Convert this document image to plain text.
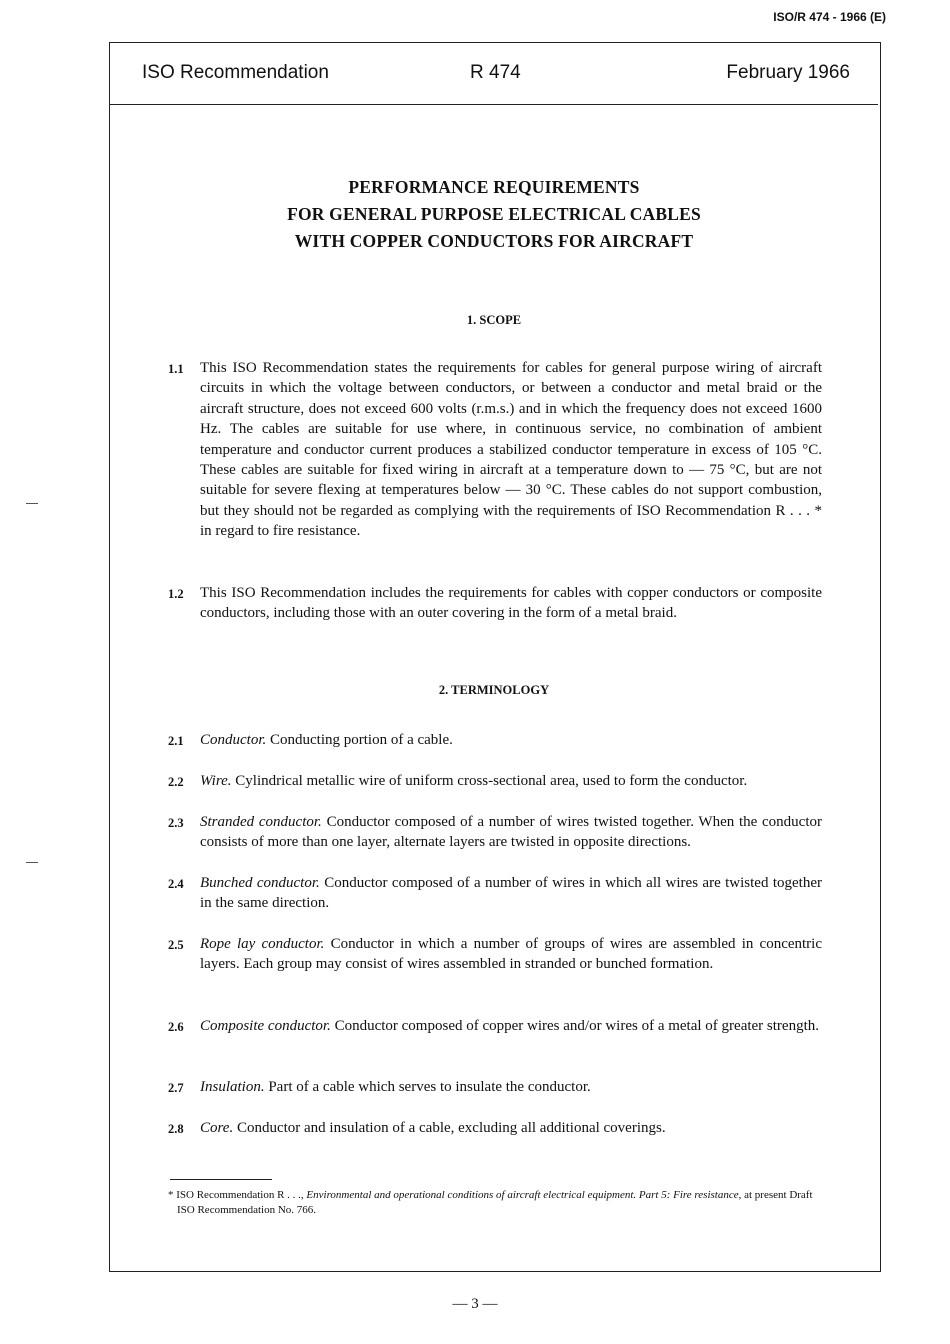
ISO/R 474 - 1966 (E)
ISO Recommendation	R 474	February 1966
PERFORMANCE REQUIREMENTS
FOR GENERAL PURPOSE ELECTRICAL CABLES
WITH COPPER CONDUCTORS FOR AIRCRAFT
1. SCOPE
1.1 This ISO Recommendation states the requirements for cables for general purpose wiring of aircraft circuits in which the voltage between conductors, or between a conductor and metal braid or the aircraft structure, does not exceed 600 volts (r.m.s.) and in which the frequency does not exceed 1600 Hz. The cables are suitable for use where, in continuous service, no combination of ambient temperature and conductor current produces a stabilized conductor temperature in excess of 105 °C. These cables are suitable for fixed wiring in aircraft at a temperature down to — 75 °C, but are not suitable for severe flexing at temperatures below — 30 °C. These cables do not support combustion, but they should not be regarded as complying with the requirements of ISO Recommendation R . . . * in regard to fire resistance.
1.2 This ISO Recommendation includes the requirements for cables with copper conductors or composite conductors, including those with an outer covering in the form of a metal braid.
2. TERMINOLOGY
2.1 Conductor. Conducting portion of a cable.
2.2 Wire. Cylindrical metallic wire of uniform cross-sectional area, used to form the conductor.
2.3 Stranded conductor. Conductor composed of a number of wires twisted together. When the conductor consists of more than one layer, alternate layers are twisted in opposite directions.
2.4 Bunched conductor. Conductor composed of a number of wires in which all wires are twisted together in the same direction.
2.5 Rope lay conductor. Conductor in which a number of groups of wires are assembled in concentric layers. Each group may consist of wires assembled in stranded or bunched formation.
2.6 Composite conductor. Conductor composed of copper wires and/or wires of a metal of greater strength.
2.7 Insulation. Part of a cable which serves to insulate the conductor.
2.8 Core. Conductor and insulation of a cable, excluding all additional coverings.
* ISO Recommendation R . . ., Environmental and operational conditions of aircraft electrical equipment. Part 5: Fire resistance, at present Draft ISO Recommendation No. 766.
— 3 —
